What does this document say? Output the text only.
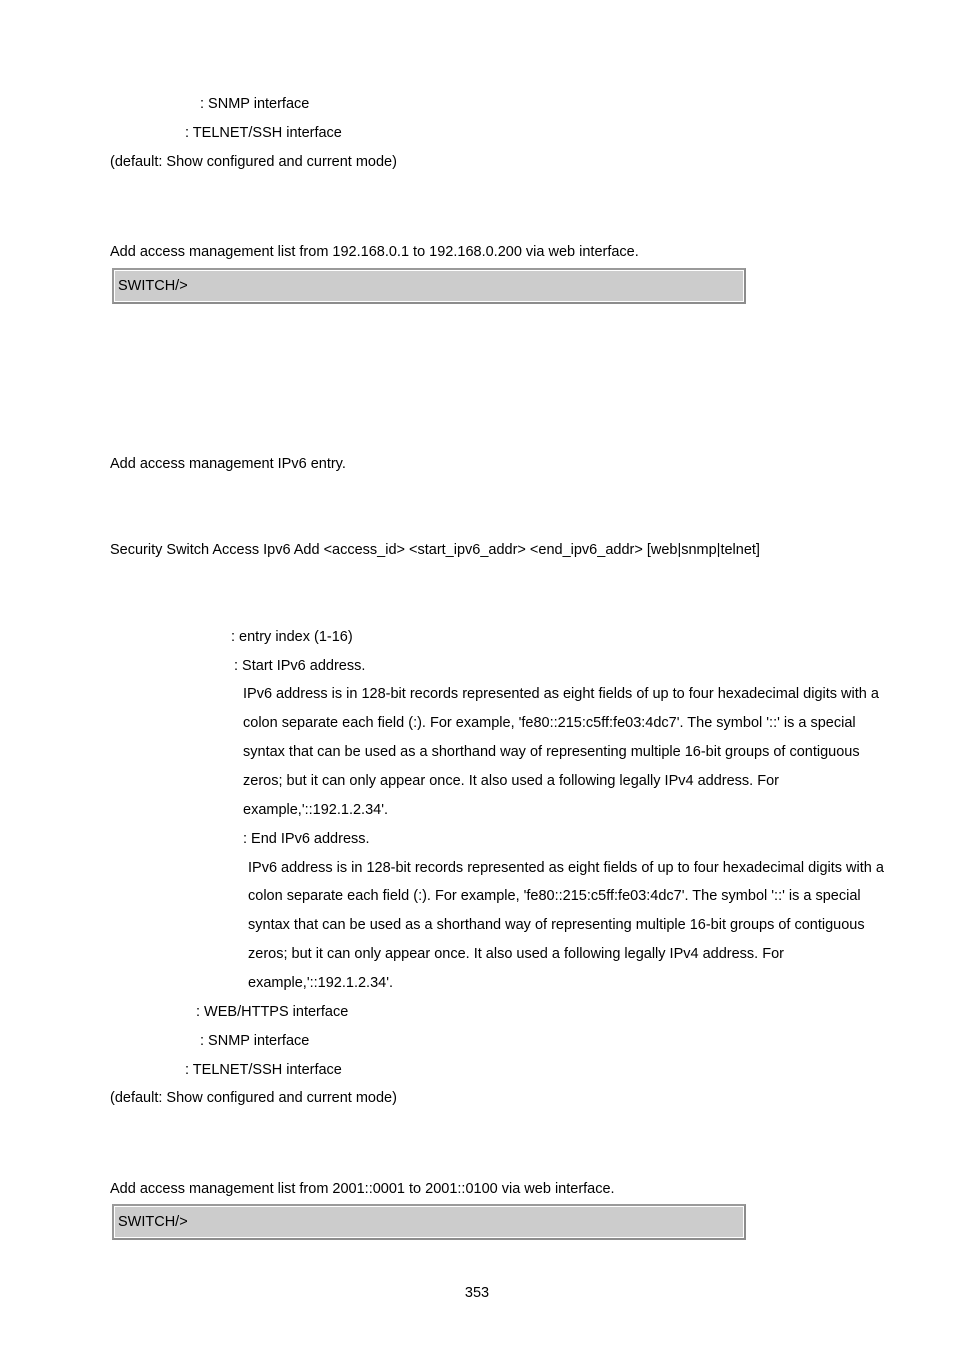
: SNMP interface
: TELNET/SSH interface
(default: Show configured and current mode)
Add access management list from 192.168.0.1 to 192.168.0.200 via web interface.
SWITCH/>
Add access management IPv6 entry.
Security Switch Access Ipv6 Add <access_id> <start_ipv6_addr> <end_ipv6_addr> [web|snmp|telnet]
: entry index (1-16)
: Start IPv6 address.
IPv6 address is in 128-bit records represented as eight fields of up to four hexadecimal digits with a
colon separate each field (:). For example, 'fe80::215:c5ff:fe03:4dc7'. The symbol '::' is a special
syntax that can be used as a shorthand way of representing multiple 16-bit groups of contiguous
zeros; but it can only appear once. It also used a following legally IPv4 address. For
example,'::192.1.2.34'.
: End IPv6 address.
IPv6 address is in 128-bit records represented as eight fields of up to four hexadecimal digits with a
colon separate each field (:). For example, 'fe80::215:c5ff:fe03:4dc7'. The symbol '::' is a special
syntax that can be used as a shorthand way of representing multiple 16-bit groups of contiguous
zeros; but it can only appear once. It also used a following legally IPv4 address. For
example,'::192.1.2.34'.
: WEB/HTTPS interface
: SNMP interface
: TELNET/SSH interface
(default: Show configured and current mode)
Add access management list from 2001::0001 to 2001::0100 via web interface.
SWITCH/>
353
